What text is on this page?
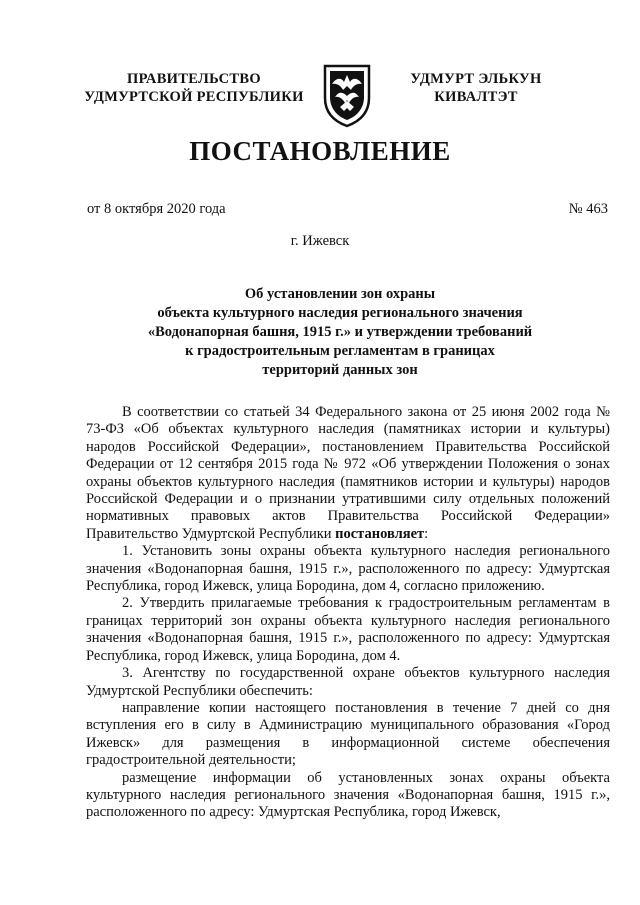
ПРАВИТЕЛЬСТВО
УДМУРТСКОЙ РЕСПУБЛИКИ
УДМУРТ ЭЛЬКУН
КИВАЛТЭТ
ПОСТАНОВЛЕНИЕ
от 8 октября 2020 года	№ 463
г. Ижевск
Об установлении зон охраны
объекта культурного наследия регионального значения
«Водонапорная башня, 1915 г.» и утверждении требований
к градостроительным регламентам в границах
территорий данных зон

В соответствии со статьей 34 Федерального закона от 25 июня 2002 года № 73-ФЗ «Об объектах культурного наследия (памятниках истории и культуры) народов Российской Федерации», постановлением Правительства Российской Федерации от 12 сентября 2015 года № 972 «Об утверждении Положения о зонах охраны объектов культурного наследия (памятников истории и культуры) народов Российской Федерации и о признании утратившими силу отдельных положений нормативных правовых актов Правительства Российской Федерации» Правительство Удмуртской Республики постановляет:

1. Установить зоны охраны объекта культурного наследия регионального значения «Водонапорная башня, 1915 г.», расположенного по адресу: Удмуртская Республика, город Ижевск, улица Бородина, дом 4, согласно приложению.

2. Утвердить прилагаемые требования к градостроительным регламентам в границах территорий зон охраны объекта культурного наследия регионального значения «Водонапорная башня, 1915 г.», расположенного по адресу: Удмуртская Республика, город Ижевск, улица Бородина, дом 4.

3. Агентству по государственной охране объектов культурного наследия Удмуртской Республики обеспечить:

направление копии настоящего постановления в течение 7 дней со дня вступления его в силу в Администрацию муниципального образования «Город Ижевск» для размещения в информационной системе обеспечения градостроительной деятельности;

размещение информации об установленных зонах охраны объекта культурного наследия регионального значения «Водонапорная башня, 1915 г.», расположенного по адресу: Удмуртская Республика, город Ижевск,
